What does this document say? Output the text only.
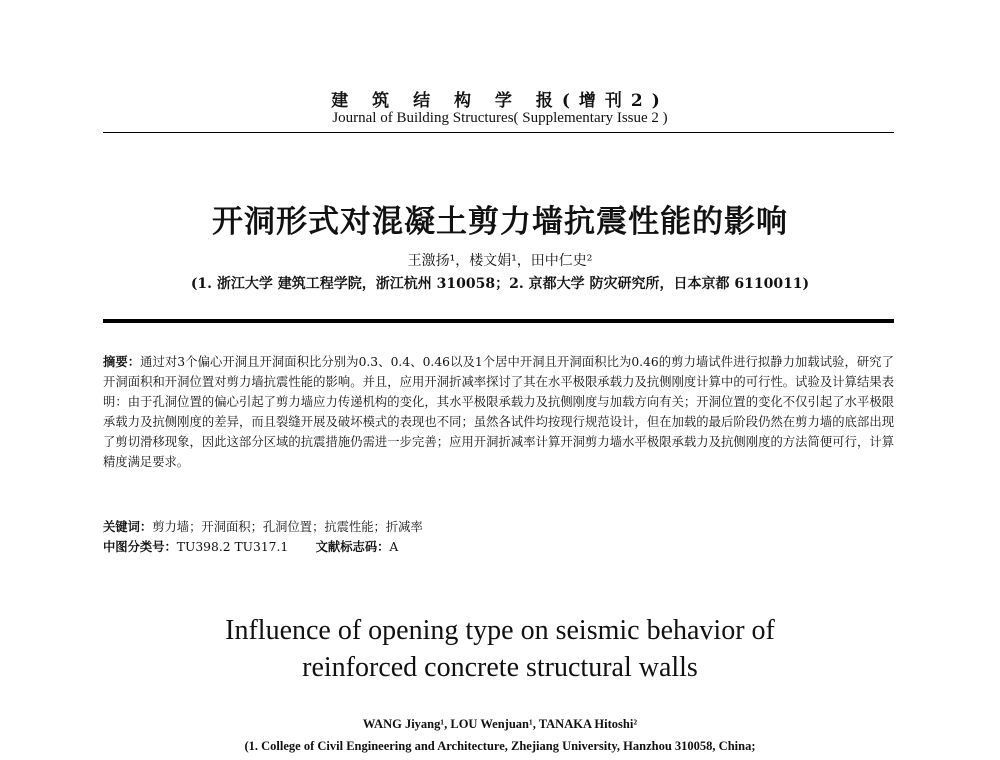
建 筑 结 构 学 报(增刊2)
Journal of Building Structures( Supplementary Issue 2 )
开洞形式对混凝土剪力墙抗震性能的影响
王激扬¹，楼文娟¹，田中仁史²
(1. 浙江大学 建筑工程学院，浙江杭州 310058；2. 京都大学 防灾研究所，日本京都 6110011)
摘要：通过对3个偏心开洞且开洞面积比分别为0.3、0.4、0.46以及1个居中开洞且开洞面积比为0.46的剪力墙试件进行拟静力加载试验，研究了开洞面积和开洞位置对剪力墙抗震性能的影响。并且，应用开洞折减率探讨了其在水平极限承载力及抗侧刚度计算中的可行性。试验及计算结果表明：由于孔洞位置的偏心引起了剪力墙应力传递机构的变化，其水平极限承载力及抗侧刚度与加载方向有关；开洞位置的变化不仅引起了水平极限承载力及抗侧刚度的差异，而且裂缝开展及破坏模式的表现也不同；虽然各试件均按现行规范设计，但在加载的最后阶段仍然在剪力墙的底部出现了剪切滑移现象，因此这部分区域的抗震措施仍需进一步完善；应用开洞折减率计算开洞剪力墙水平极限承载力及抗侧刚度的方法简便可行，计算精度满足要求。
关键词：剪力墙；开洞面积；孔洞位置；抗震性能；折减率
中图分类号：TU398.2 TU317.1 文献标志码：A
Influence of opening type on seismic behavior of
reinforced concrete structural walls
WANG Jiyang¹, LOU Wenjuan¹, TANAKA Hitoshi²
(1. College of Civil Engineering and Architecture, Zhejiang University, Hanzhou 310058, China;
